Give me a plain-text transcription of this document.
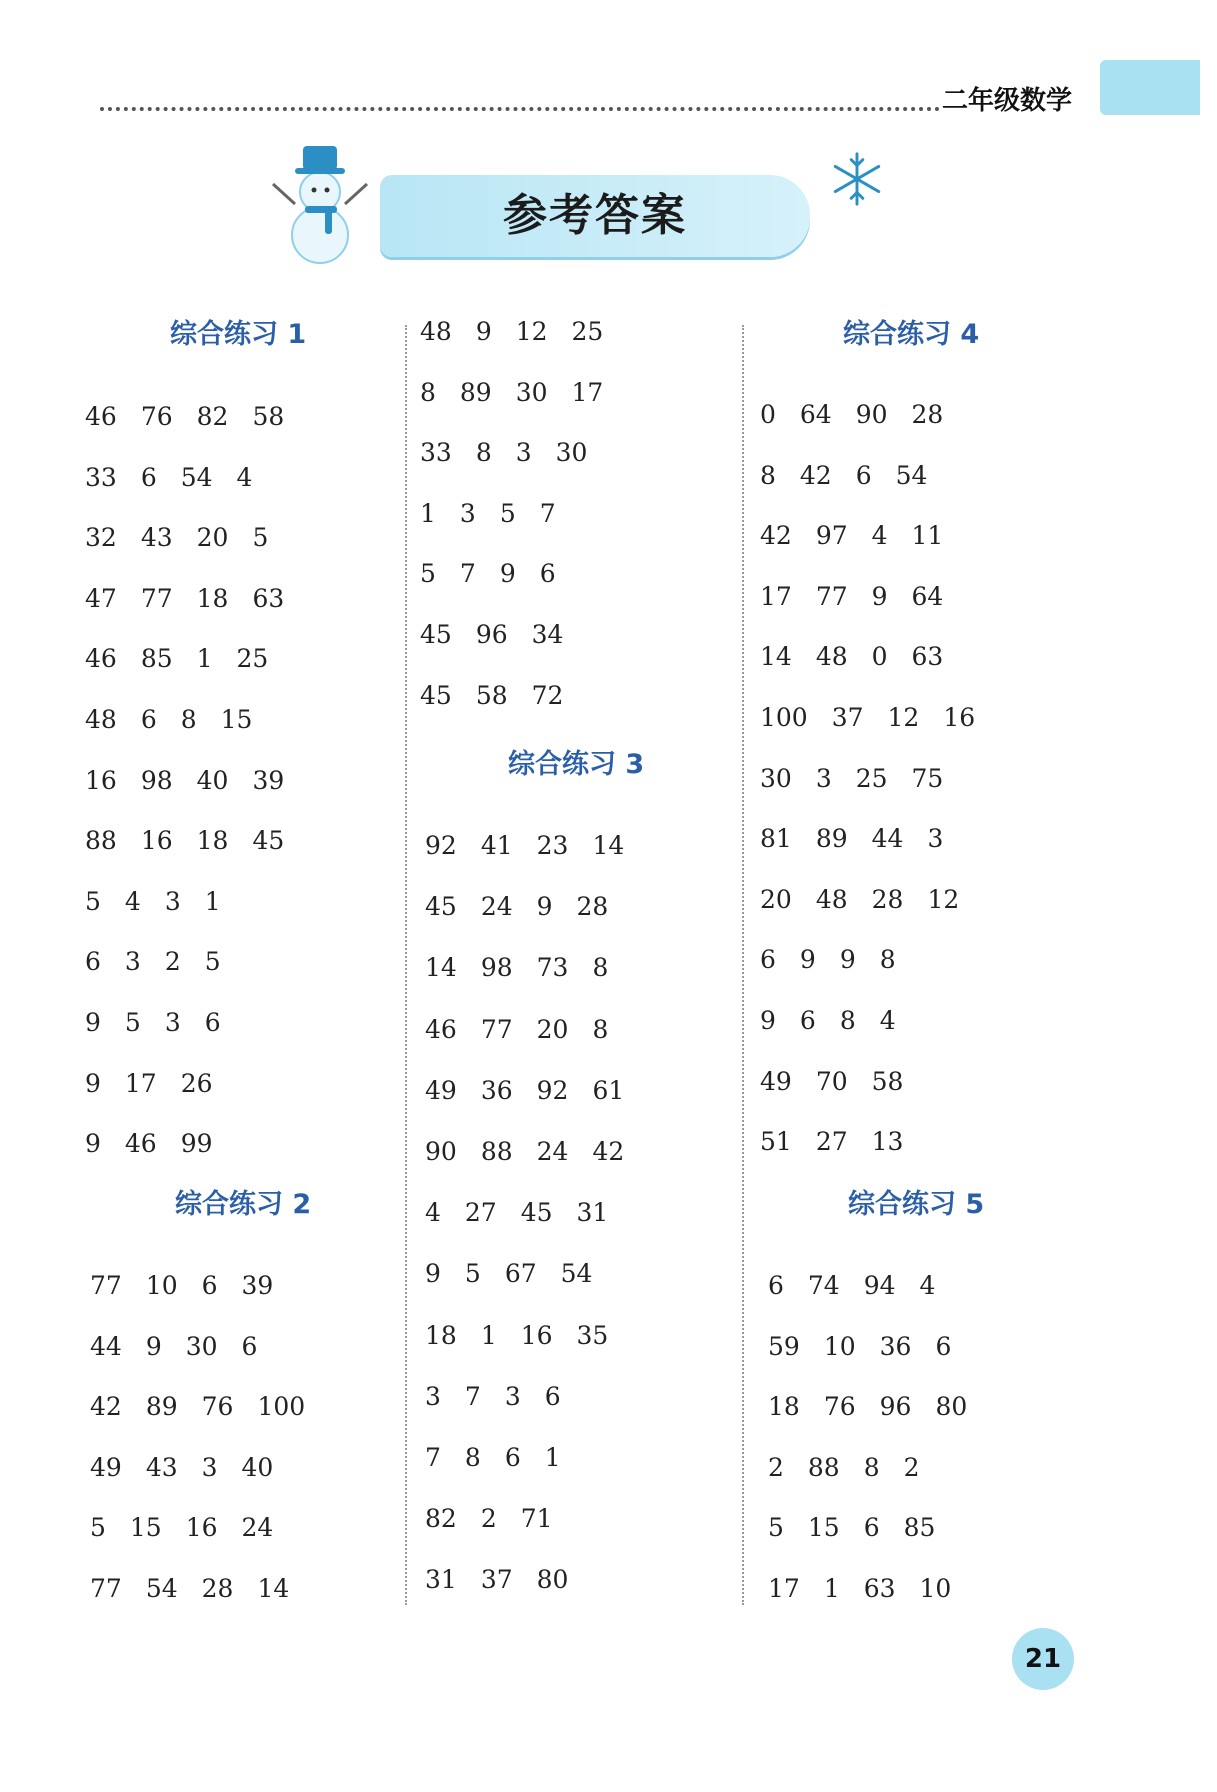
二年级数学
参考答案
综合练习 1
46 76 82 58
33 6 54 4
32 43 20 5
47 77 18 63
46 85 1 25
48 6 8 15
16 98 40 39
88 16 18 45
5 4 3 1
6 3 2 5
9 5 3 6
9 17 26
9 46 99
综合练习 2
77 10 6 39
44 9 30 6
42 89 76 100
49 43 3 40
5 15 16 24
77 54 28 14
48 9 12 25
8 89 30 17
33 8 3 30
1 3 5 7
5 7 9 6
45 96 34
45 58 72
综合练习 3
92 41 23 14
45 24 9 28
14 98 73 8
46 77 20 8
49 36 92 61
90 88 24 42
4 27 45 31
9 5 67 54
18 1 16 35
3 7 3 6
7 8 6 1
82 2 71
31 37 80
综合练习 4
0 64 90 28
8 42 6 54
42 97 4 11
17 77 9 64
14 48 0 63
100 37 12 16
30 3 25 75
81 89 44 3
20 48 28 12
6 9 9 8
9 6 8 4
49 70 58
51 27 13
综合练习 5
6 74 94 4
59 10 36 6
18 76 96 80
2 88 8 2
5 15 6 85
17 1 63 10
21
